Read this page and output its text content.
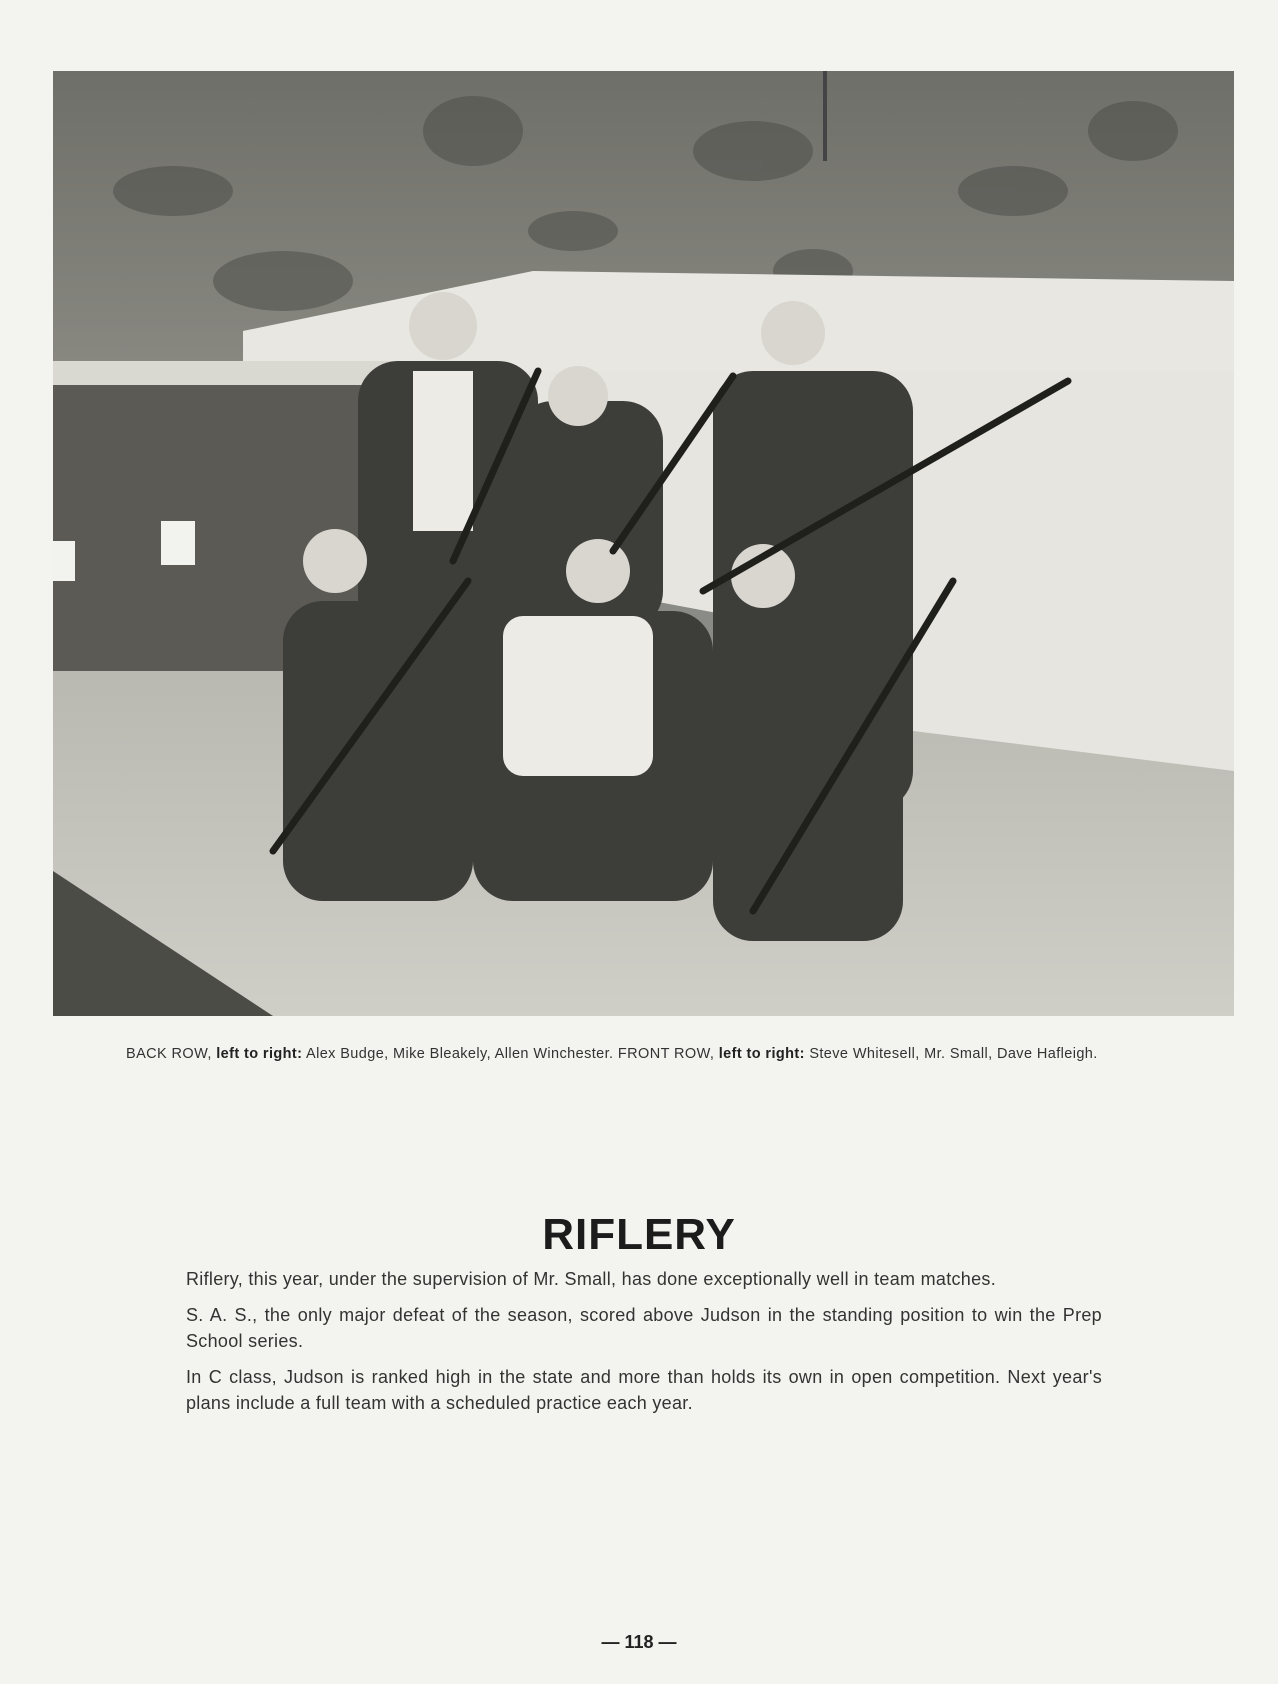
BACK ROW, left to right: Alex Budge, Mike Bleakely, Allen Winchester. FRONT ROW, left to right: Steve Whitesell, Mr. Small, Dave Hafleigh.
RIFLERY

Riflery, this year, under the supervision of Mr. Small, has done exceptionally well in team matches.

S. A. S., the only major defeat of the season, scored above Judson in the standing position to win the Prep School series.

In C class, Judson is ranked high in the state and more than holds its own in open competition. Next year's plans include a full team with a scheduled practice each year.

— 118 —
